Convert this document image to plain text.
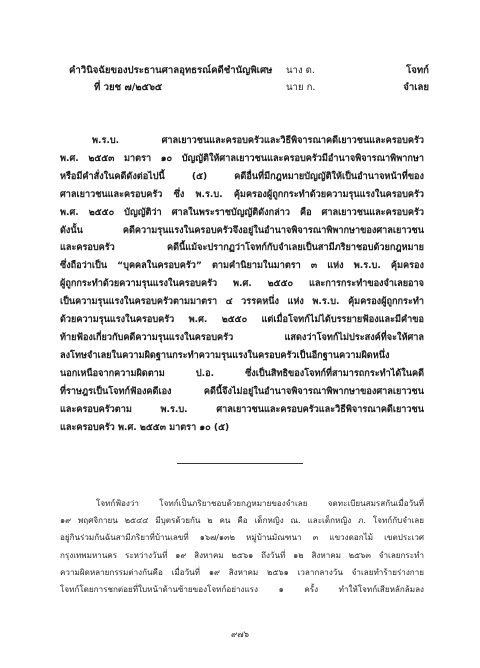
คำวินิจฉัยของประธานศาลอุทธรณ์คดีชำนัญพิเศษ นาง ด.	โจทก์
ที่ วยช ๗/๒๕๖๕	นาย ก.	จำเลย
พ.ร.บ. ศาลเยาวชนและครอบครัวและวิธีพิจารณาคดีเยาวชนและครอบครัว
พ.ศ. ๒๕๕๓ มาตรา ๑๐ บัญญัติให้ศาลเยาวชนและครอบครัวมีอำนาจพิจารณาพิพากษา
หรือมีคำสั่งในคดีดังต่อไปนี้ (๕) คดีอื่นที่มีกฎหมายบัญญัติให้เป็นอำนาจหน้าที่ของ
ศาลเยาวชนและครอบครัว ซึ่ง พ.ร.บ. คุ้มครองผู้ถูกกระทำด้วยความรุนแรงในครอบครัว
พ.ศ. ๒๕๕๐ บัญญัติว่า ศาลในพระราชบัญญัติดังกล่าว คือ ศาลเยาวชนและครอบครัว
ดังนั้น คดีความรุนแรงในครอบครัวจึงอยู่ในอำนาจพิจารณาพิพากษาของศาลเยาวชน
และครอบครัว คดีนี้แม้จะปรากฏว่าโจทก์กับจำเลยเป็นสามีภริยาชอบด้วยกฎหมาย
ซึ่งถือว่าเป็น “บุคคลในครอบครัว” ตามคำนิยามในมาตรา ๓ แห่ง พ.ร.บ. คุ้มครอง
ผู้ถูกกระทำด้วยความรุนแรงในครอบครัว พ.ศ. ๒๕๕๐ และการกระทำของจำเลยอาจ
เป็นความรุนแรงในครอบครัวตามมาตรา ๔ วรรคหนึ่ง แห่ง พ.ร.บ. คุ้มครองผู้ถูกกระทำ
ด้วยความรุนแรงในครอบครัว พ.ศ. ๒๕๕๐ แต่เมื่อโจทก์ไม่ได้บรรยายฟ้องและมีคำขอ
ท้ายฟ้องเกี่ยวกับคดีความรุนแรงในครอบครัว แสดงว่าโจทก์ไม่ประสงค์ที่จะให้ศาล
ลงโทษจำเลยในความผิดฐานกระทำความรุนแรงในครอบครัวเป็นอีกฐานความผิดหนึ่ง
นอกเหนือจากความผิดตาม ป.อ. ซึ่งเป็นสิทธิของโจทก์ที่สามารถกระทำได้ในคดี
ที่ราษฎรเป็นโจทก์ฟ้องคดีเอง คดีนี้จึงไม่อยู่ในอำนาจพิจารณาพิพากษาของศาลเยาวชน
และครอบครัวตาม พ.ร.บ. ศาลเยาวชนและครอบครัวและวิธีพิจารณาคดีเยาวชน
และครอบครัว พ.ศ. ๒๕๕๓ มาตรา ๑๐ (๕)
โจทก์ฟ้องว่า โจทก์เป็นภริยาชอบด้วยกฎหมายของจำเลย จดทะเบียนสมรสกันเมื่อวันที่
๑๙ พฤศจิกายน ๒๕๔๔ มีบุตรด้วยกัน ๒ คน คือ เด็กหญิง ณ. และเด็กหญิง ภ. โจทก์กับจำเลย
อยู่กินร่วมกันฉันสามีภริยาที่บ้านเลขที่ ๑๖๗/๑๓๒ หมู่บ้านมัณฑนา ๓ แขวงดอกไม้ เขตประเวศ
กรุงเทพมหานคร ระหว่างวันที่ ๑๙ สิงหาคม ๒๕๖๑ ถึงวันที่ ๑๒ สิงหาคม ๒๕๖๓ จำเลยกระทำ
ความผิดหลายกรรมต่างกันคือ เมื่อวันที่ ๑๙ สิงหาคม ๒๕๖๑ เวลากลางวัน จำเลยทำร้ายร่างกาย
โจทก์โดยการชกต่อยที่ใบหน้าด้านซ้ายของโจทก์อย่างแรง ๑ ครั้ง ทำให้โจทก์เสียหลักล้มลง
๙๗๖
